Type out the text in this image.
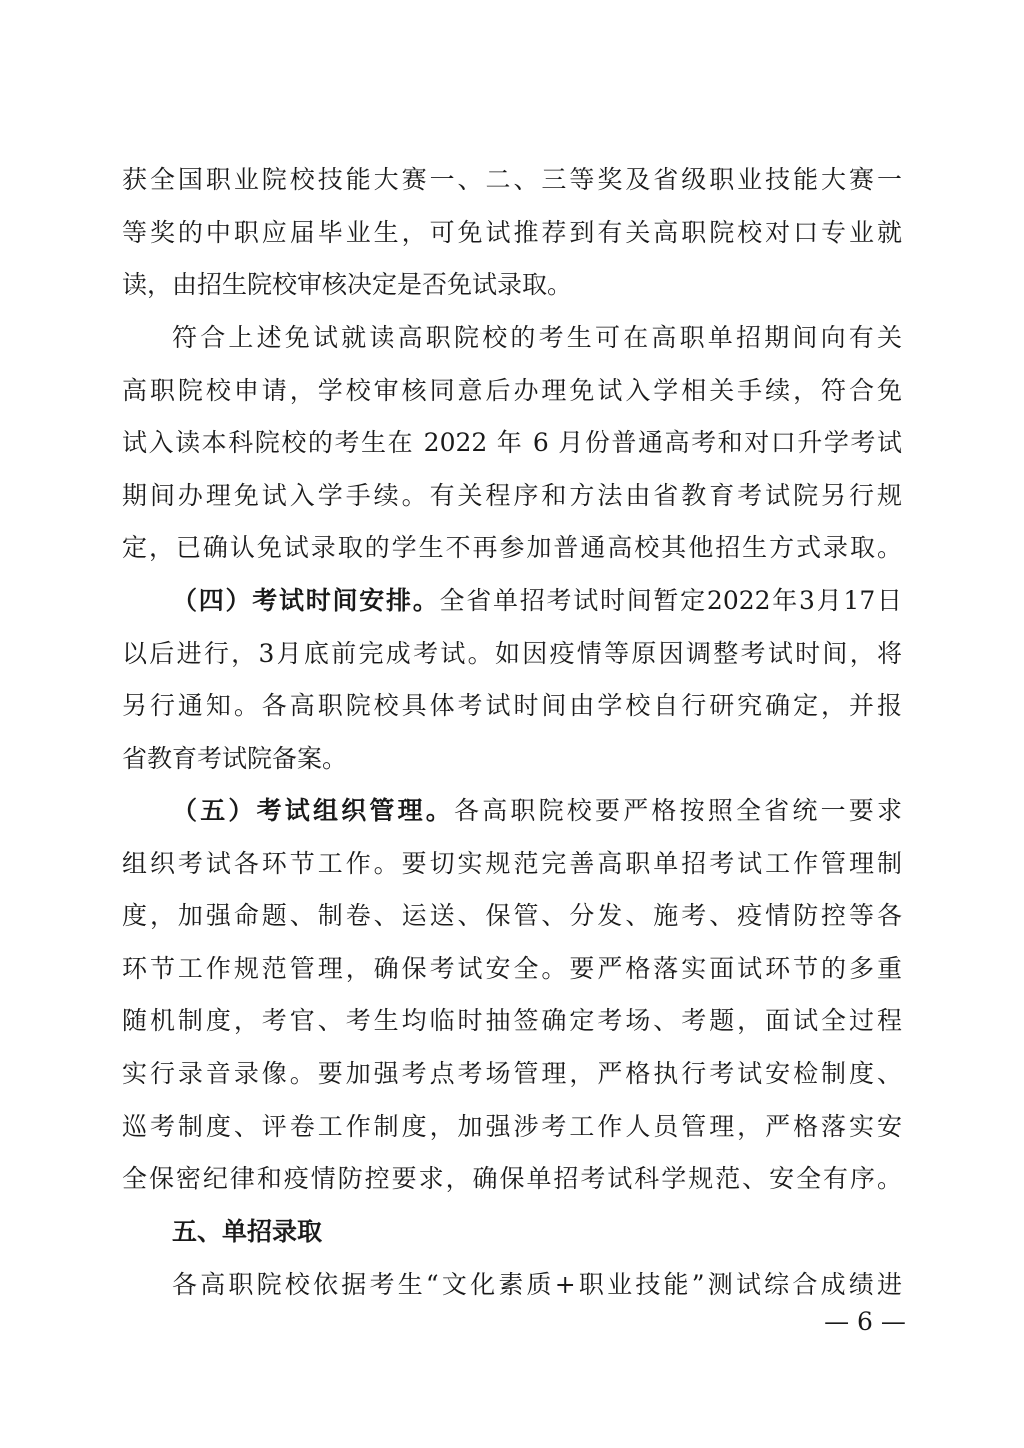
获全国职业院校技能大赛一、二、三等奖及省级职业技能大赛一
等奖的中职应届毕业生，可免试推荐到有关高职院校对口专业就
读，由招生院校审核决定是否免试录取。
符合上述免试就读高职院校的考生可在高职单招期间向有关
高职院校申请，学校审核同意后办理免试入学相关手续，符合免
试入读本科院校的考生在 2022 年 6 月份普通高考和对口升学考试
期间办理免试入学手续。有关程序和方法由省教育考试院另行规
定，已确认免试录取的学生不再参加普通高校其他招生方式录取。
（四）考试时间安排。全省单招考试时间暂定2022年3月17日
以后进行，3月底前完成考试。如因疫情等原因调整考试时间，将
另行通知。各高职院校具体考试时间由学校自行研究确定，并报
省教育考试院备案。
（五）考试组织管理。各高职院校要严格按照全省统一要求
组织考试各环节工作。要切实规范完善高职单招考试工作管理制
度，加强命题、制卷、运送、保管、分发、施考、疫情防控等各
环节工作规范管理，确保考试安全。要严格落实面试环节的多重
随机制度，考官、考生均临时抽签确定考场、考题，面试全过程
实行录音录像。要加强考点考场管理，严格执行考试安检制度、
巡考制度、评卷工作制度，加强涉考工作人员管理，严格落实安
全保密纪律和疫情防控要求，确保单招考试科学规范、安全有序。
五、单招录取
各高职院校依据考生“文化素质+职业技能”测试综合成绩进
— 6 —
